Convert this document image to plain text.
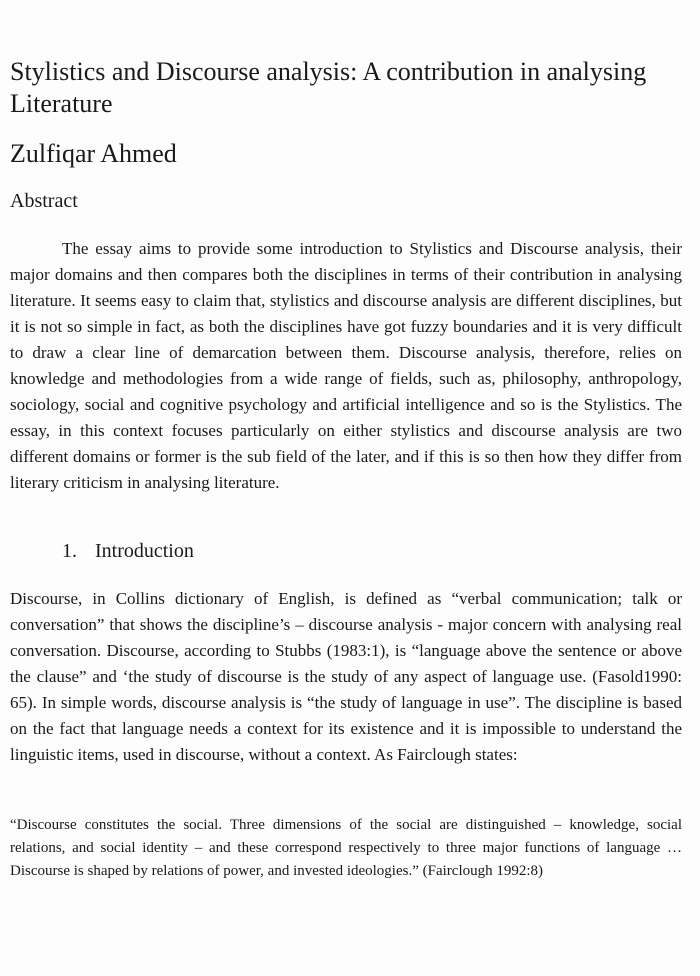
Stylistics and Discourse analysis: A contribution in analysing Literature
Zulfiqar Ahmed
Abstract

The essay aims to provide some introduction to Stylistics and Discourse analysis, their major domains and then compares both the disciplines in terms of their contribution in analysing literature. It seems easy to claim that, stylistics and discourse analysis are different disciplines, but it is not so simple in fact, as both the disciplines have got fuzzy boundaries and it is very difficult to draw a clear line of demarcation between them. Discourse analysis, therefore, relies on knowledge and methodologies from a wide range of fields, such as, philosophy, anthropology, sociology, social and cognitive psychology and artificial intelligence and so is the Stylistics. The essay, in this context focuses particularly on either stylistics and discourse analysis are two different domains or former is the sub field of the later, and if this is so then how they differ from literary criticism in analysing literature.

1. Introduction

Discourse, in Collins dictionary of English, is defined as “verbal communication; talk or conversation” that shows the discipline’s – discourse analysis - major concern with analysing real conversation. Discourse, according to Stubbs (1983:1), is “language above the sentence or above the clause” and ‘the study of discourse is the study of any aspect of language use. (Fasold1990: 65). In simple words, discourse analysis is “the study of language in use”. The discipline is based on the fact that language needs a context for its existence and it is impossible to understand the linguistic items, used in discourse, without a context. As Fairclough states:

“Discourse constitutes the social. Three dimensions of the social are distinguished – knowledge, social relations, and social identity – and these correspond respectively to three major functions of language … Discourse is shaped by relations of power, and invested ideologies.” (Fairclough 1992:8)
